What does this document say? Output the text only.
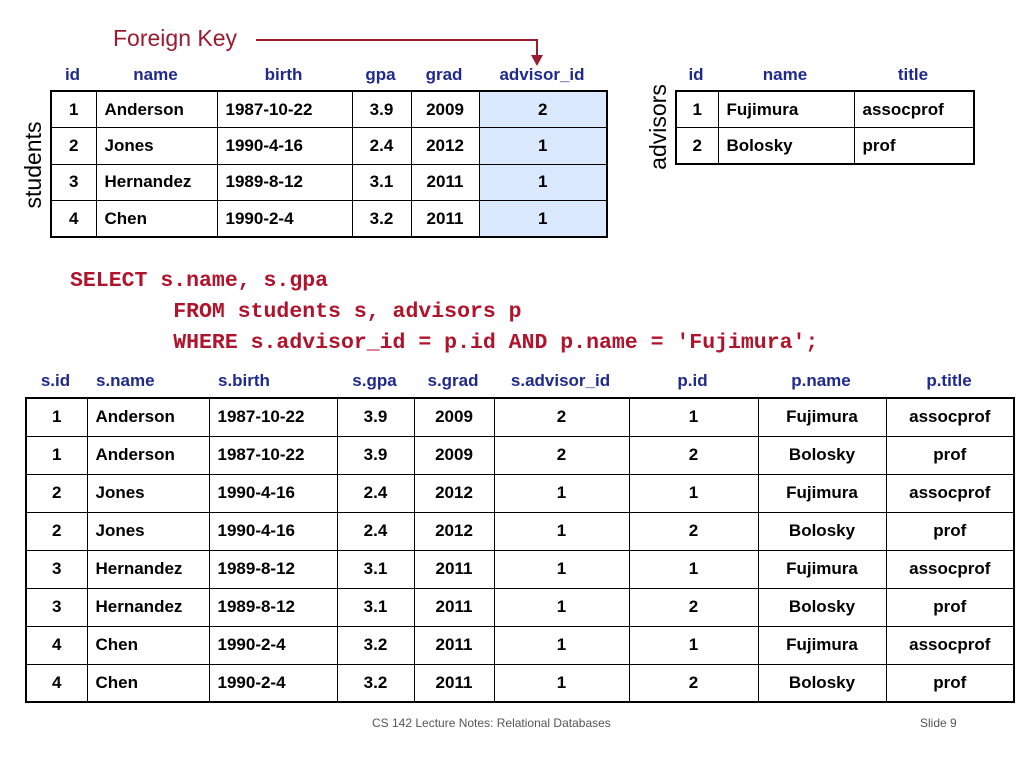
Foreign Key
students
id	name	birth	gpa	grad	advisor_id
1	Anderson	1987-10-22	3.9	2009	2
2	Jones	1990-4-16	2.4	2012	1
3	Hernandez	1989-8-12	3.1	2011	1
4	Chen	1990-2-4	3.2	2011	1
advisors
id	name	title
1	Fujimura	assocprof
2	Bolosky	prof
SELECT s.name, s.gpa
FROM students s, advisors p
WHERE s.advisor_id = p.id AND p.name = 'Fujimura';
s.id	s.name	s.birth	s.gpa	s.grad	s.advisor_id	p.id	p.name	p.title
1	Anderson	1987-10-22	3.9	2009	2	1	Fujimura	assocprof
1	Anderson	1987-10-22	3.9	2009	2	2	Bolosky	prof
2	Jones	1990-4-16	2.4	2012	1	1	Fujimura	assocprof
2	Jones	1990-4-16	2.4	2012	1	2	Bolosky	prof
3	Hernandez	1989-8-12	3.1	2011	1	1	Fujimura	assocprof
3	Hernandez	1989-8-12	3.1	2011	1	2	Bolosky	prof
4	Chen	1990-2-4	3.2	2011	1	1	Fujimura	assocprof
4	Chen	1990-2-4	3.2	2011	1	2	Bolosky	prof
CS 142 Lecture Notes: Relational Databases	Slide 9
